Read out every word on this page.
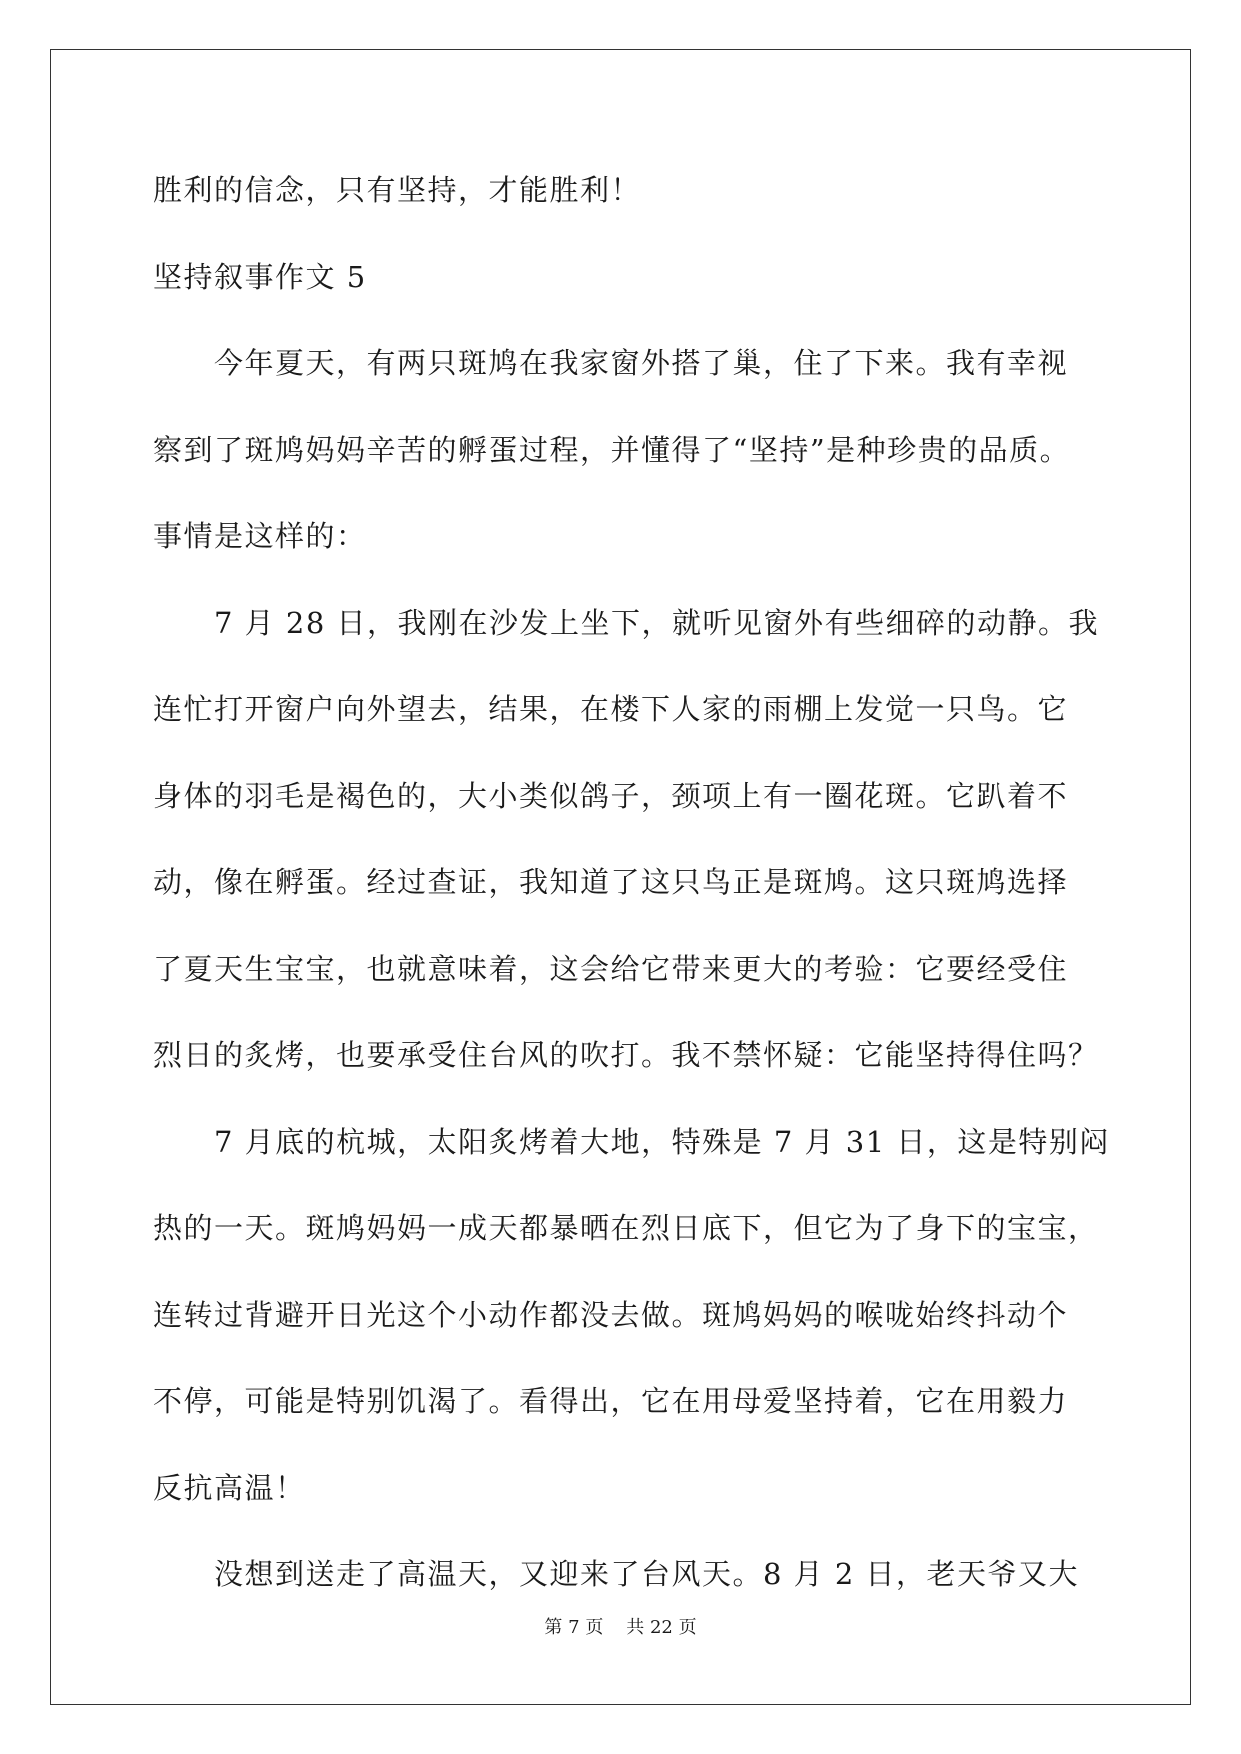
胜利的信念，只有坚持，才能胜利！
坚持叙事作文 5
今年夏天，有两只斑鸠在我家窗外搭了巢，住了下来。我有幸视
察到了斑鸠妈妈辛苦的孵蛋过程，并懂得了“坚持”是种珍贵的品质。
事情是这样的：
7 月 28 日，我刚在沙发上坐下，就听见窗外有些细碎的动静。我
连忙打开窗户向外望去，结果，在楼下人家的雨棚上发觉一只鸟。它
身体的羽毛是褐色的，大小类似鸽子，颈项上有一圈花斑。它趴着不
动，像在孵蛋。经过查证，我知道了这只鸟正是斑鸠。这只斑鸠选择
了夏天生宝宝，也就意味着，这会给它带来更大的考验：它要经受住
烈日的炙烤，也要承受住台风的吹打。我不禁怀疑：它能坚持得住吗？
7 月底的杭城，太阳炙烤着大地，特殊是 7 月 31 日，这是特别闷
热的一天。斑鸠妈妈一成天都暴晒在烈日底下，但它为了身下的宝宝，
连转过背避开日光这个小动作都没去做。斑鸠妈妈的喉咙始终抖动个
不停，可能是特别饥渴了。看得出，它在用母爱坚持着，它在用毅力
反抗高温！
没想到送走了高温天，又迎来了台风天。8 月 2 日，老天爷又大
第 7 页 共 22 页
